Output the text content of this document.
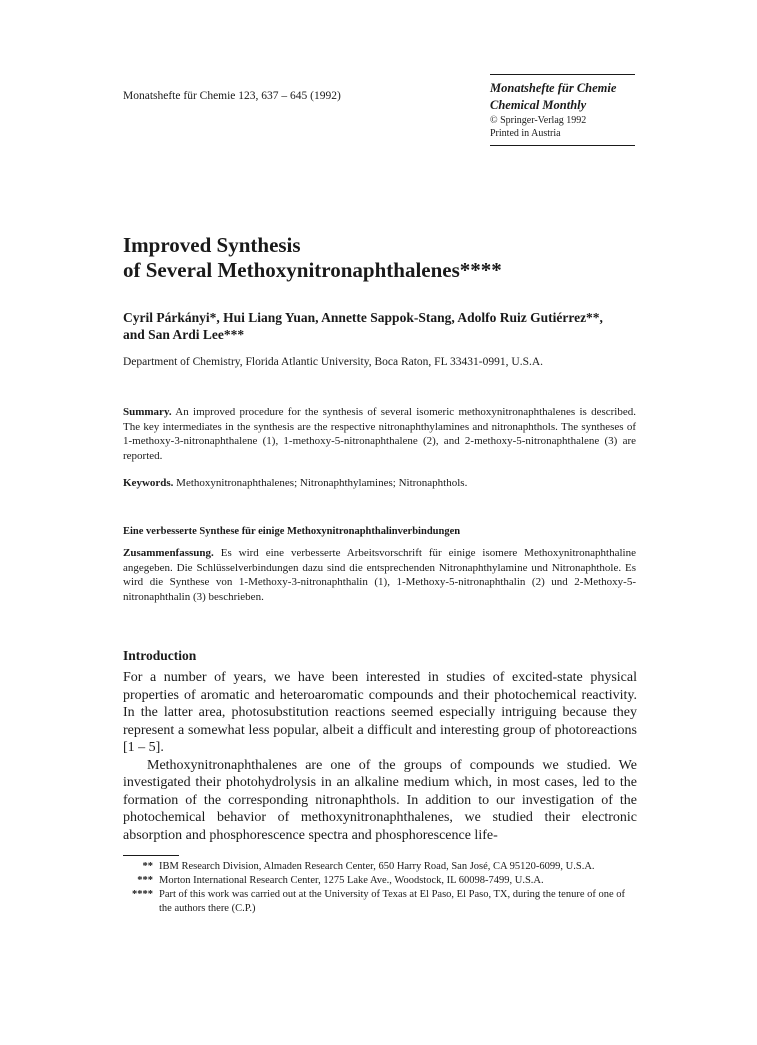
Monatshefte für Chemie 123, 637 – 645 (1992)
Monatshefte für Chemie
Chemical Monthly
© Springer-Verlag 1992
Printed in Austria
Improved Synthesis
of Several Methoxynitronaphthalenes****
Cyril Párkányi*, Hui Liang Yuan, Annette Sappok-Stang, Adolfo Ruiz Gutiérrez**,
and San Ardi Lee***
Department of Chemistry, Florida Atlantic University, Boca Raton, FL 33431-0991, U.S.A.
Summary. An improved procedure for the synthesis of several isomeric methoxynitronaphthalenes is described. The key intermediates in the synthesis are the respective nitronaphthylamines and nitronaphthols. The syntheses of 1-methoxy-3-nitronaphthalene (1), 1-methoxy-5-nitronaphthalene (2), and 2-methoxy-5-nitronaphthalene (3) are reported.
Keywords. Methoxynitronaphthalenes; Nitronaphthylamines; Nitronaphthols.
Eine verbesserte Synthese für einige Methoxynitronaphthalinverbindungen
Zusammenfassung. Es wird eine verbesserte Arbeitsvorschrift für einige isomere Methoxynitronaphthaline angegeben. Die Schlüsselverbindungen dazu sind die entsprechenden Nitronaphthylamine und Nitronaphthole. Es wird die Synthese von 1-Methoxy-3-nitronaphthalin (1), 1-Methoxy-5-nitronaphthalin (2) und 2-Methoxy-5-nitronaphthalin (3) beschrieben.
Introduction

For a number of years, we have been interested in studies of excited-state physical properties of aromatic and heteroaromatic compounds and their photochemical reactivity. In the latter area, photosubstitution reactions seemed especially intriguing because they represent a somewhat less popular, albeit a difficult and interesting group of photoreactions [1 – 5].

Methoxynitronaphthalenes are one of the groups of compounds we studied. We investigated their photohydrolysis in an alkaline medium which, in most cases, led to the formation of the corresponding nitronaphthols. In addition to our investigation of the photochemical behavior of methoxynitronaphthalenes, we studied their electronic absorption and phosphorescence spectra and phosphorescence life-

** IBM Research Division, Almaden Research Center, 650 Harry Road, San José, CA 95120-6099, U.S.A.
*** Morton International Research Center, 1275 Lake Ave., Woodstock, IL 60098-7499, U.S.A.
**** Part of this work was carried out at the University of Texas at El Paso, El Paso, TX, during the tenure of one of the authors there (C.P.)
